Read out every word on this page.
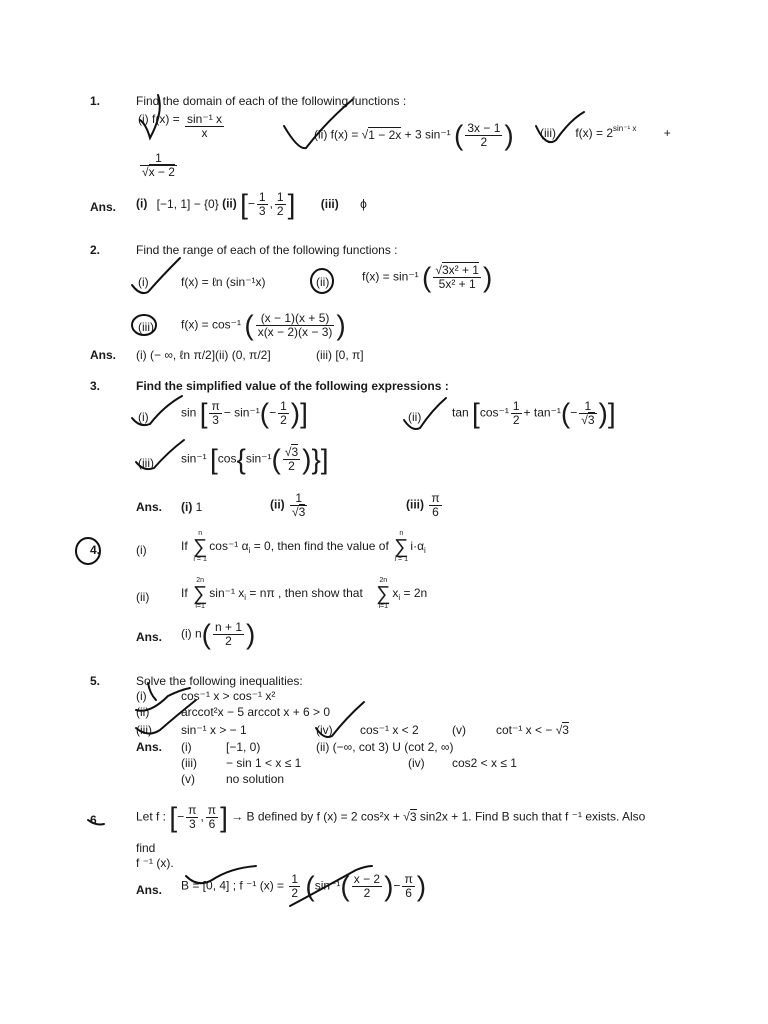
1.	Find the domain of each of the following functions :
(i) $f(x) = \frac{\text{sin⁻¹ x}}{x}$	(ii) f(x) = √1 − 2x + 3 sin⁻¹ ( $\frac{3x - 1}{2}$ ) (iii) $f(x) = 2^{sin^{-1} x}$ +
$\frac{1}{√x - 2}$
Ans. (i) [−1, 1] − {0} (ii) [− $\frac{1}{3}$ , $\frac{1}{2}$ ] (iii) ϕ
2.	Find the range of each of the following functions :
(i)	f(x) = ℓn (sin⁻¹x)	(ii)	f(x) = sin⁻¹ ( $\frac{\text{√3x² + 1}}{\text{5x² + 1}}$ )
(iii) f(x) = cos⁻¹ ( $\frac{(x - 1)(x + 5)}{x(x - 2)(x - 3)}$ )
Ans. (i) (− ∞, ℓn π/2](ii) (0, π/2]	(iii) [0, π]
3.	Find the simplified value of the following expressions :
(i)	sin [ $\frac{\pi}{3} - \sin^{-1}(- \frac{1}{2}$ )]	(ii)	$\tan [\cos^{-1} \frac{1}{2} + \tan^{-1}(- \frac{1}{√3}$ )]
(iii) sin⁻¹ [$\cos\{\sin^{-1}( \frac{√3}{2}$ )}]
Ans. (i) 1	$(ii) \frac{1}{√3}$	$(iii) \frac{\pi}{6}$
4.	(i)	If
n
∑
i = 1
cos⁻¹ $\alpha_i = 0$, then find the value of
n
∑
i = 1
$i\cdot\alpha_i$
(ii)	If
2n
∑
i=1
sin⁻¹ $x_i = n\pi$ , then show that
2n
∑
i=1
$x_i = 2n$
Ans. (i) $n( \frac{n + 1}{2}$ )
5.	Solve the following inequalities:
(i)	cos⁻¹ x > cos⁻¹ x²
(ii)	arccot²x − 5 arccot x + 6 > 0
(iii) sin⁻¹ x > − 1	(iv) cos⁻¹ x < 2	(v)	cot⁻¹ x < − √3
Ans. (i)	[−1, 0)	(ii) (−∞, cot 3) U (cot 2, ∞)
(iii) − sin 1 < x ≤ 1	(iv) cos2 < x ≤ 1
(v)	no solution
6	Let f : [− $\frac{\pi}{3}$ , $\frac{\pi}{6}$ ] → B defined by f (x) = 2 cos²x + √3 sin2x + 1. Find B such that f ⁻¹ exists. Also
find
f ⁻¹ (x).
Ans. B = [0, 4] ; f ⁻¹ $(x) = \frac{1}{2} (\sin^{-1}( \frac{x - 2}{2}$ )− $\frac{\pi}{6}$ )
